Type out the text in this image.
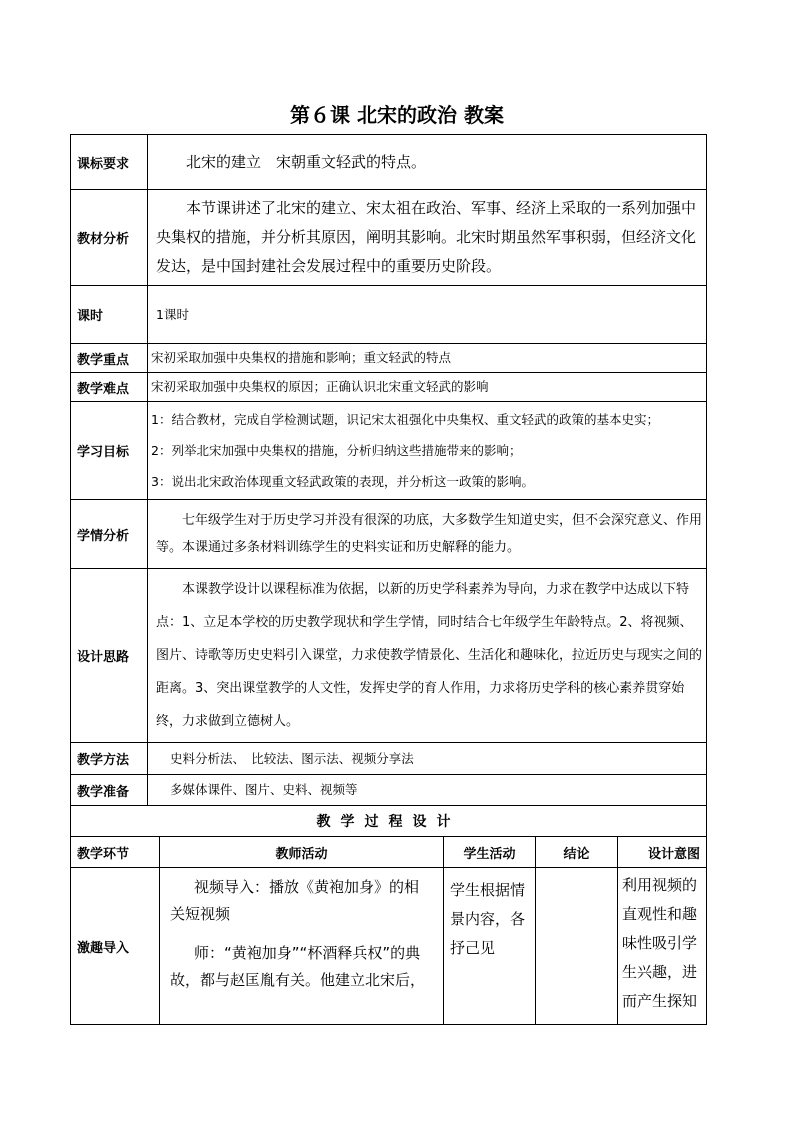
第６课 北宋的政治 教案
课标要求	北宋的建立　宋朝重文轻武的特点。

教材分析	本节课讲述了北宋的建立、宋太祖在政治、军事、经济上采取的一系列加强中央集权的措施，并分析其原因，阐明其影响。北宋时期虽然军事积弱，但经济文化发达，是中国封建社会发展过程中的重要历史阶段。

课时	1课时

教学重点	宋初采取加强中央集权的措施和影响；重文轻武的特点

教学难点	宋初采取加强中央集权的原因；正确认识北宋重文轻武的影响

学习目标	1：结合教材，完成自学检测试题，识记宋太祖强化中央集权、重文轻武的政策的基本史实；

2：列举北宋加强中央集权的措施，分析归纳这些措施带来的影响；

3：说出北宋政治体现重文轻武政策的表现，并分析这一政策的影响。

学情分析	七年级学生对于历史学习并没有很深的功底，大多数学生知道史实，但不会深究意义、作用等。本课通过多条材料训练学生的史料实证和历史解释的能力。

设计思路	本课教学设计以课程标准为依据，以新的历史学科素养为导向，力求在教学中达成以下特点：1、立足本学校的历史教学现状和学生学情，同时结合七年级学生年龄特点。2、将视频、图片、诗歌等历史史料引入课堂，力求使教学情景化、生活化和趣味化，拉近历史与现实之间的距离。3、突出课堂教学的人文性，发挥史学的育人作用，力求将历史学科的核心素养贯穿始终，力求做到立德树人。

教学方法	史料分析法、　比较法、图示法、视频分享法

教学准备	多媒体课件、图片、史料、视频等

教学过程设计				
教学环节	教师活动	学生活动	结论	设计意图
激趣导入	视频导入：播放《黄袍加身》的相关短视频

师：“黄袍加身”“杯酒释兵权”的典故，都与赵匡胤有关。他建立北宋后，	学生根据情景内容，各抒己见		利用视频的直观性和趣味性吸引学生兴趣，进而产生探知
